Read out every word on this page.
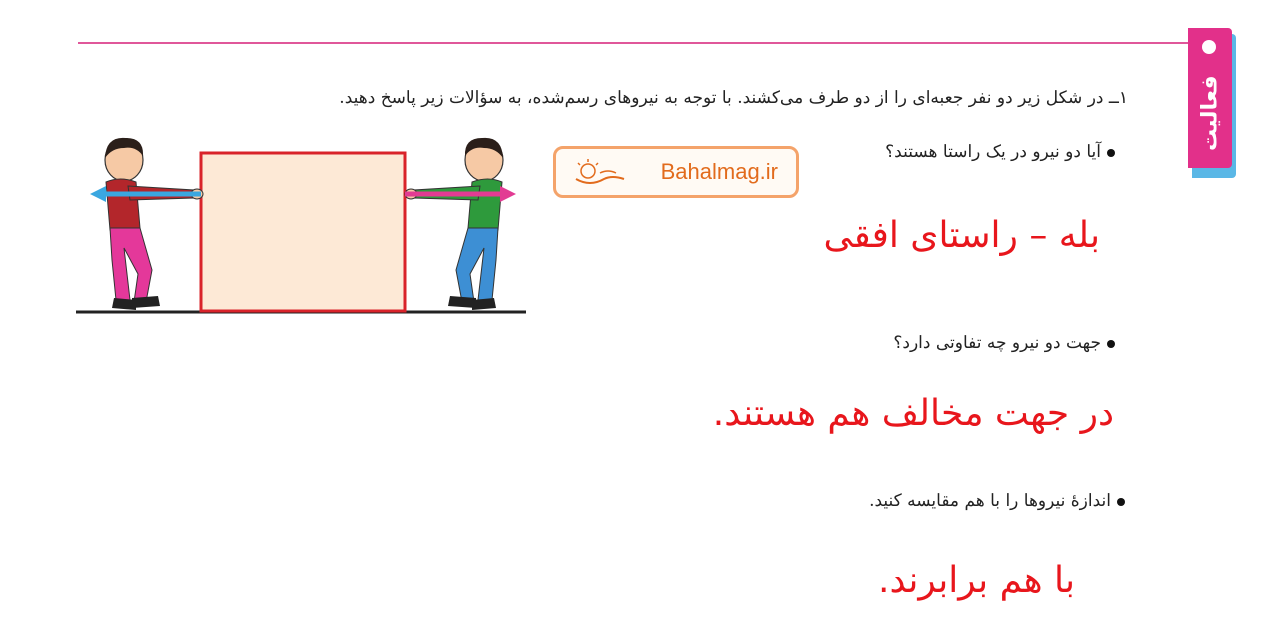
فعالیت
۱ــ در شکل زیر دو نفر جعبه‌ای را از دو طرف می‌کشند. با توجه به نیروهای رسم‌شده، به سؤالات زیر پاسخ دهید.
Bahalmag.ir
آیا دو نیرو در یک راستا هستند؟
بله – راستای افقی
جهت دو نیرو چه تفاوتی دارد؟
در جهت مخالف هم هستند.
اندازهٔ نیروها را با هم مقایسه کنید.
با هم برابرند.
